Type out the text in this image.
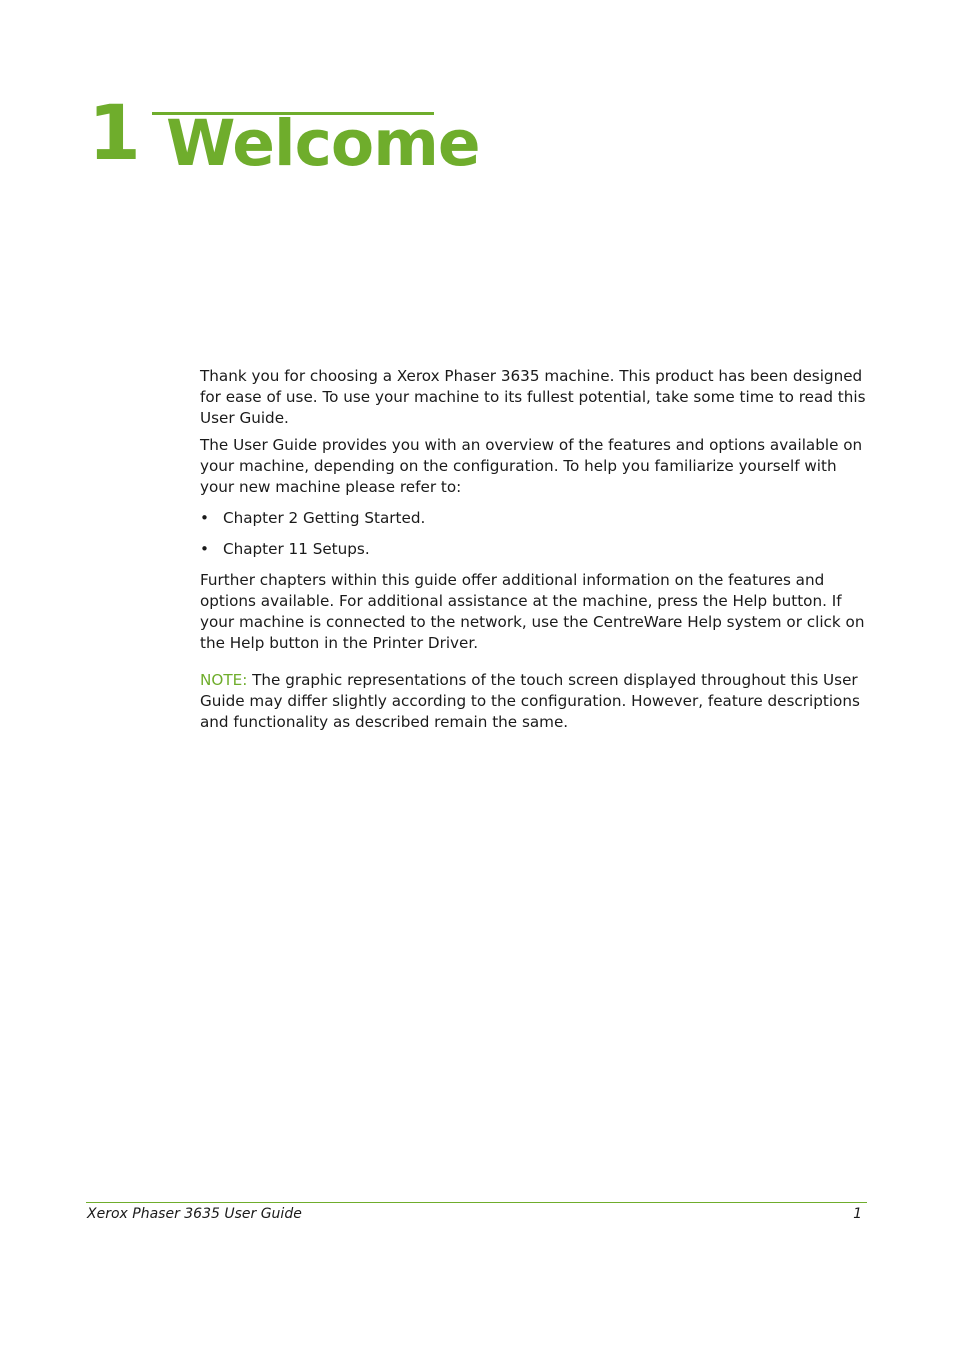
1 Welcome

Thank you for choosing a Xerox Phaser 3635 machine. This product has been designed for ease of use. To use your machine to its fullest potential, take some time to read this User Guide.

The User Guide provides you with an overview of the features and options available on your machine, depending on the configuration. To help you familiarize yourself with your new machine please refer to:

• Chapter 2 Getting Started.
• Chapter 11 Setups.

Further chapters within this guide offer additional information on the features and options available. For additional assistance at the machine, press the Help button. If your machine is connected to the network, use the CentreWare Help system or click on the Help button in the Printer Driver.

NOTE: The graphic representations of the touch screen displayed throughout this User Guide may differ slightly according to the configuration. However, feature descriptions and functionality as described remain the same.

Xerox Phaser 3635 User Guide	1
